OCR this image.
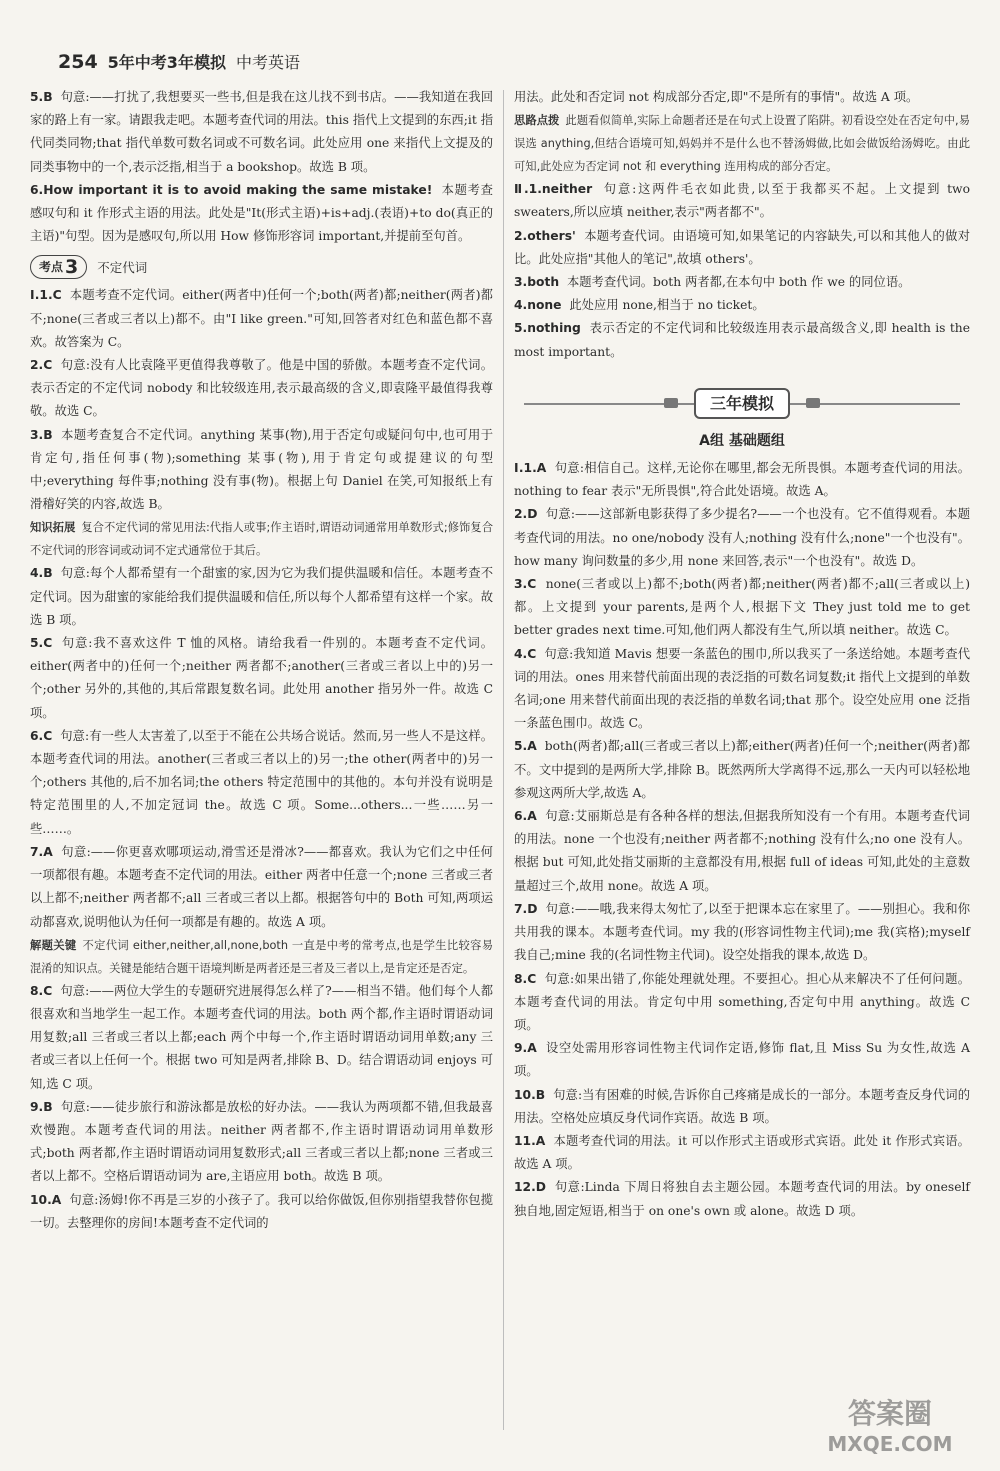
254 5年中考3年模拟 中考英语

5.B 句意:——打扰了,我想要买一些书,但是我在这儿找不到书店。——我知道在我回家的路上有一家。请跟我走吧。本题考查代词的用法。this 指代上文提到的东西;it 指代同类同物;that 指代单数可数名词或不可数名词。此处应用 one 来指代上文提及的同类事物中的一个,表示泛指,相当于 a bookshop。故选 B 项。

6.How important it is to avoid making the same mistake! 本题考查感叹句和 it 作形式主语的用法。此处是"It(形式主语)+is+adj.(表语)+to do(真正的主语)"句型。因为是感叹句,所以用 How 修饰形容词 important,并提前至句首。

考点 3 不定代词

Ⅰ.1.C 本题考查不定代词。either(两者中)任何一个;both(两者)都;neither(两者)都不;none(三者或三者以上)都不。由"I like green."可知,回答者对红色和蓝色都不喜欢。故答案为 C。

2.C 句意:没有人比袁隆平更值得我尊敬了。他是中国的骄傲。本题考查不定代词。表示否定的不定代词 nobody 和比较级连用,表示最高级的含义,即袁隆平最值得我尊敬。故选 C。

3.B 本题考查复合不定代词。anything 某事(物),用于否定句或疑问句中,也可用于肯定句,指任何事(物);something 某事(物),用于肯定句或提建议的句型中;everything 每件事;nothing 没有事(物)。根据上句 Daniel 在笑,可知报纸上有滑稽好笑的内容,故选 B。

知识拓展 复合不定代词的常见用法:代指人或事;作主语时,谓语动词通常用单数形式;修饰复合不定代词的形容词或动词不定式通常位于其后。

4.B 句意:每个人都希望有一个甜蜜的家,因为它为我们提供温暖和信任。本题考查不定代词。因为甜蜜的家能给我们提供温暖和信任,所以每个人都希望有这样一个家。故选 B 项。

5.C 句意:我不喜欢这件 T 恤的风格。请给我看一件别的。本题考查不定代词。either(两者中的)任何一个;neither 两者都不;another(三者或三者以上中的)另一个;other 另外的,其他的,其后常跟复数名词。此处用 another 指另外一件。故选 C 项。

6.C 句意:有一些人太害羞了,以至于不能在公共场合说话。然而,另一些人不是这样。本题考查代词的用法。another(三者或三者以上的)另一;the other(两者中的)另一个;others 其他的,后不加名词;the others 特定范围中的其他的。本句并没有说明是特定范围里的人,不加定冠词 the。故选 C 项。Some...others...一些……另一些……。

7.A 句意:——你更喜欢哪项运动,滑雪还是滑冰?——都喜欢。我认为它们之中任何一项都很有趣。本题考查不定代词的用法。either 两者中任意一个;none 三者或三者以上都不;neither 两者都不;all 三者或三者以上都。根据答句中的 Both 可知,两项运动都喜欢,说明他认为任何一项都是有趣的。故选 A 项。

解题关键 不定代词 either,neither,all,none,both 一直是中考的常考点,也是学生比较容易混淆的知识点。关键是能结合题干语境判断是两者还是三者及三者以上,是肯定还是否定。

8.C 句意:——两位大学生的专题研究进展得怎么样了?——相当不错。他们每个人都很喜欢和当地学生一起工作。本题考查代词的用法。both 两个都,作主语时谓语动词用复数;all 三者或三者以上都;each 两个中每一个,作主语时谓语动词用单数;any 三者或三者以上任何一个。根据 two 可知是两者,排除 B、D。结合谓语动词 enjoys 可知,选 C 项。

9.B 句意:——徒步旅行和游泳都是放松的好办法。——我认为两项都不错,但我最喜欢慢跑。本题考查代词的用法。neither 两者都不,作主语时谓语动词用单数形式;both 两者都,作主语时谓语动词用复数形式;all 三者或三者以上都;none 三者或三者以上都不。空格后谓语动词为 are,主语应用 both。故选 B 项。

10.A 句意:汤姆!你不再是三岁的小孩子了。我可以给你做饭,但你别指望我替你包揽一切。去整理你的房间!本题考查不定代词的

用法。此处和否定词 not 构成部分否定,即"不是所有的事情"。故选 A 项。

思路点拨 此题看似简单,实际上命题者还是在句式上设置了陷阱。初看设空处在否定句中,易误选 anything,但结合语境可知,妈妈并不是什么也不替汤姆做,比如会做饭给汤姆吃。由此可知,此处应为否定词 not 和 everything 连用构成的部分否定。

Ⅱ.1.neither 句意:这两件毛衣如此贵,以至于我都买不起。上文提到 two sweaters,所以应填 neither,表示"两者都不"。

2.others' 本题考查代词。由语境可知,如果笔记的内容缺失,可以和其他人的做对比。此处应指"其他人的笔记",故填 others'。

3.both 本题考查代词。both 两者都,在本句中 both 作 we 的同位语。

4.none 此处应用 none,相当于 no ticket。

5.nothing 表示否定的不定代词和比较级连用表示最高级含义,即 health is the most important。

三年模拟
A组 基础题组

Ⅰ.1.A 句意:相信自己。这样,无论你在哪里,都会无所畏惧。本题考查代词的用法。nothing to fear 表示"无所畏惧",符合此处语境。故选 A。

2.D 句意:——这部新电影获得了多少提名?——一个也没有。它不值得观看。本题考查代词的用法。no one/nobody 没有人;nothing 没有什么;none"一个也没有"。how many 询问数量的多少,用 none 来回答,表示"一个也没有"。故选 D。

3.C none(三者或以上)都不;both(两者)都;neither(两者)都不;all(三者或以上)都。上文提到 your parents,是两个人,根据下文 They just told me to get better grades next time.可知,他们两人都没有生气,所以填 neither。故选 C。

4.C 句意:我知道 Mavis 想要一条蓝色的围巾,所以我买了一条送给她。本题考查代词的用法。ones 用来替代前面出现的表泛指的可数名词复数;it 指代上文提到的单数名词;one 用来替代前面出现的表泛指的单数名词;that 那个。设空处应用 one 泛指一条蓝色围巾。故选 C。

5.A both(两者)都;all(三者或三者以上)都;either(两者)任何一个;neither(两者)都不。文中提到的是两所大学,排除 B。既然两所大学离得不远,那么一天内可以轻松地参观这两所大学,故选 A。

6.A 句意:艾丽斯总是有各种各样的想法,但据我所知没有一个有用。本题考查代词的用法。none 一个也没有;neither 两者都不;nothing 没有什么;no one 没有人。根据 but 可知,此处指艾丽斯的主意都没有用,根据 full of ideas 可知,此处的主意数量超过三个,故用 none。故选 A 项。

7.D 句意:——哦,我来得太匆忙了,以至于把课本忘在家里了。——别担心。我和你共用我的课本。本题考查代词。my 我的(形容词性物主代词);me 我(宾格);myself 我自己;mine 我的(名词性物主代词)。设空处指我的课本,故选 D。

8.C 句意:如果出错了,你能处理就处理。不要担心。担心从来解决不了任何问题。本题考查代词的用法。肯定句中用 something,否定句中用 anything。故选 C 项。

9.A 设空处需用形容词性物主代词作定语,修饰 flat,且 Miss Su 为女性,故选 A 项。

10.B 句意:当有困难的时候,告诉你自己疼痛是成长的一部分。本题考查反身代词的用法。空格处应填反身代词作宾语。故选 B 项。

11.A 本题考查代词的用法。it 可以作形式主语或形式宾语。此处 it 作形式宾语。故选 A 项。

12.D 句意:Linda 下周日将独自去主题公园。本题考查代词的用法。by oneself 独自地,固定短语,相当于 on one's own 或 alone。故选 D 项。

答案圈
MXQE.COM
